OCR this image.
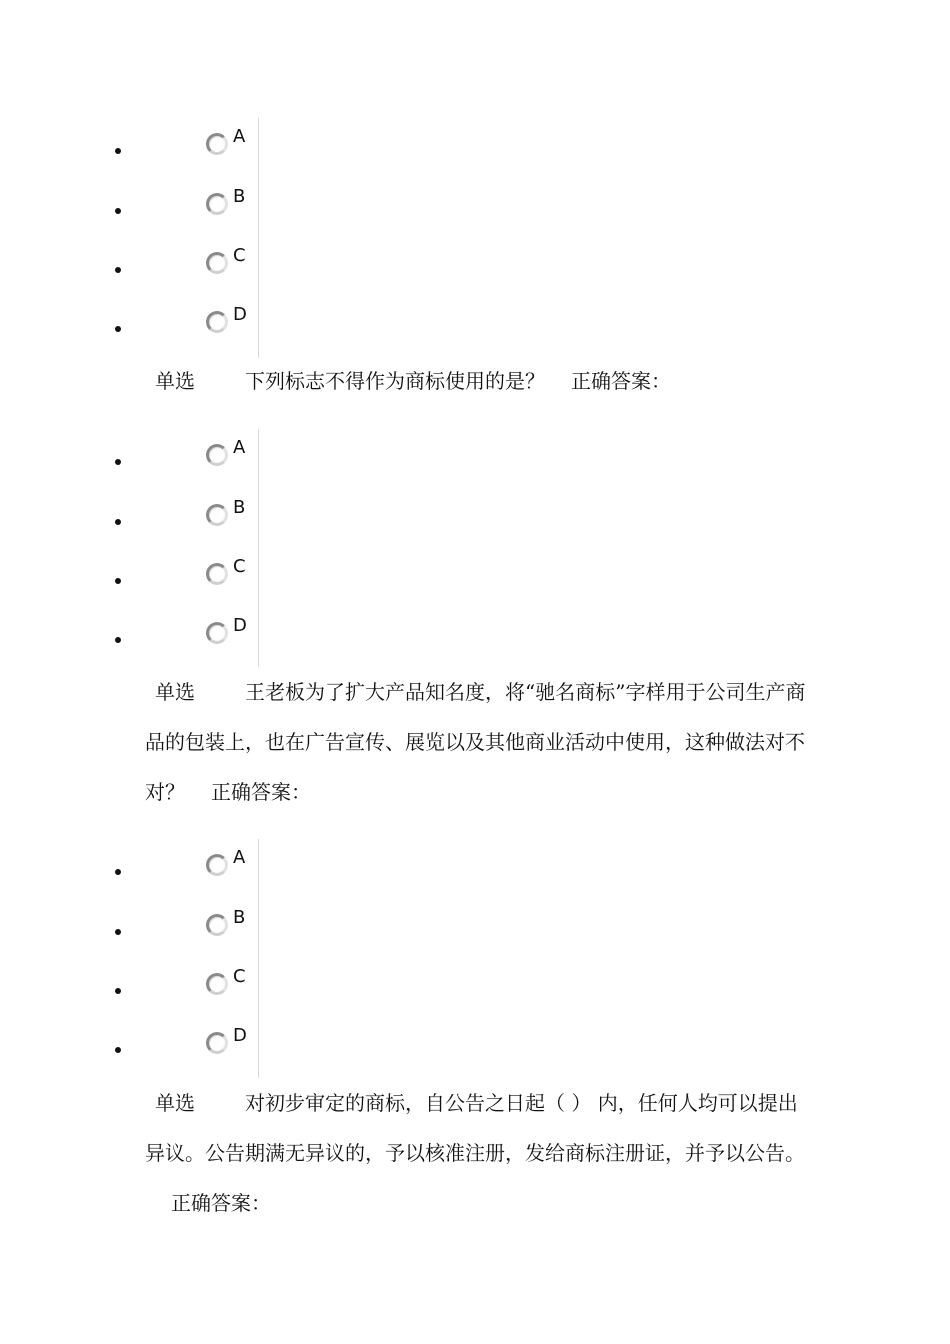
A
B
C
D
单选	下列标志不得作为商标使用的是？ 正确答案：
A
B
C
D
单选	王老板为了扩大产品知名度，将“驰名商标”字样用于公司生产商品的包装上，也在广告宣传、展览以及其他商业活动中使用，这种做法对不对？ 正确答案：
A
B
C
D
单选	对初步审定的商标，自公告之日起（ ） 内，任何人均可以提出异议。公告期满无异议的，予以核准注册，发给商标注册证，并予以公告。正确答案：
